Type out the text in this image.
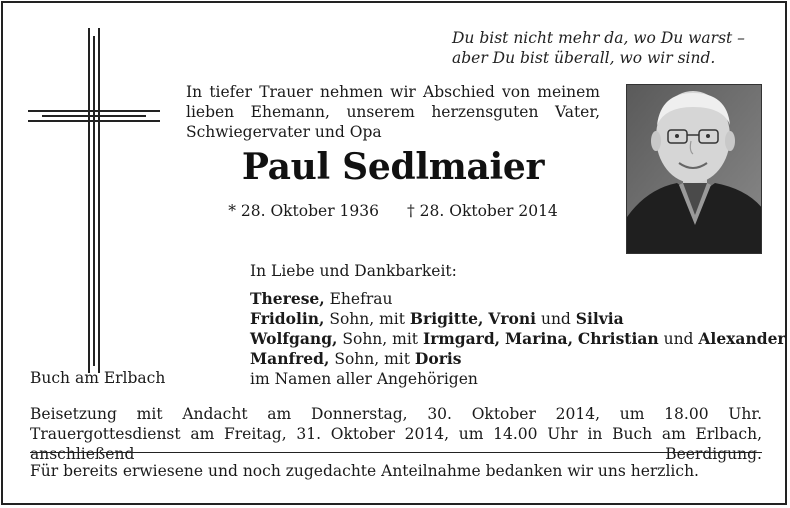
Du bist nicht mehr da, wo Du warst –
aber Du bist überall, wo wir sind.
In tiefer Trauer nehmen wir Abschied von meinem lieben Ehemann, unserem herzensguten Vater, Schwiegervater und Opa
Paul Sedlmaier
* 28. Oktober 1936 † 28. Oktober 2014
In Liebe und Dankbarkeit:
Therese, Ehefrau
Fridolin, Sohn, mit Brigitte, Vroni und Silvia
Wolfgang, Sohn, mit Irmgard, Marina, Christian und Alexander
Manfred, Sohn, mit Doris
im Namen aller Angehörigen
Buch am Erlbach
Beisetzung mit Andacht am Donnerstag, 30. Oktober 2014, um 18.00 Uhr. Trauergottesdienst am Freitag, 31. Oktober 2014, um 14.00 Uhr in Buch am Erlbach, anschließend Beerdigung.
Für bereits erwiesene und noch zugedachte Anteilnahme bedanken wir uns herzlich.
